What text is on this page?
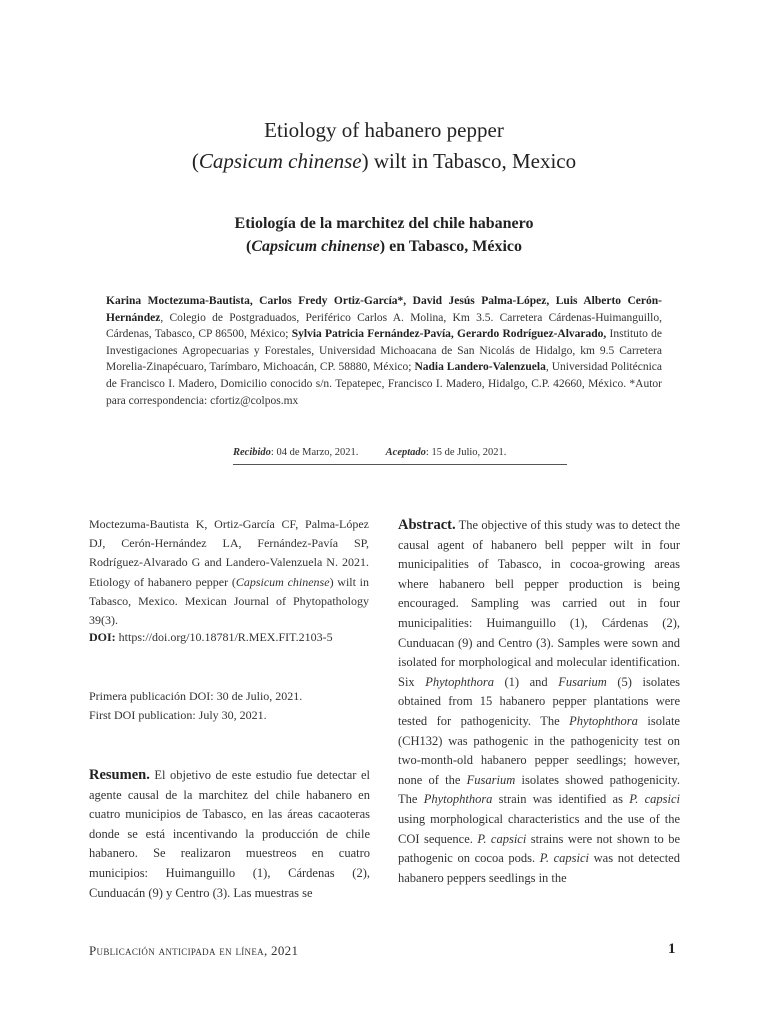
Etiology of habanero pepper
(Capsicum chinense) wilt in Tabasco, Mexico
Etiología de la marchitez del chile habanero
(Capsicum chinense) en Tabasco, México
Karina Moctezuma-Bautista, Carlos Fredy Ortiz-García*, David Jesús Palma-López, Luis Alberto Cerón-Hernández, Colegio de Postgraduados, Periférico Carlos A. Molina, Km 3.5. Carretera Cárdenas-Huimanguillo, Cárdenas, Tabasco, CP 86500, México; Sylvia Patricia Fernández-Pavía, Gerardo Rodríguez-Alvarado, Instituto de Investigaciones Agropecuarias y Forestales, Universidad Michoacana de San Nicolás de Hidalgo, km 9.5 Carretera Morelia-Zinapécuaro, Tarímbaro, Michoacán, CP. 58880, México; Nadia Landero-Valenzuela, Universidad Politécnica de Francisco I. Madero, Domicilio conocido s/n. Tepatepec, Francisco I. Madero, Hidalgo, C.P. 42660, México. *Autor para correspondencia: cfortiz@colpos.mx
Recibido: 04 de Marzo, 2021.	Aceptado: 15 de Julio, 2021.
Moctezuma-Bautista K, Ortiz-García CF, Palma-López DJ, Cerón-Hernández LA, Fernández-Pavía SP, Rodríguez-Alvarado G and Landero-Valenzuela N. 2021. Etiology of habanero pepper (Capsicum chinense) wilt in Tabasco, Mexico. Mexican Journal of Phytopathology 39(3).
DOI: https://doi.org/10.18781/R.MEX.FIT.2103-5
Primera publicación DOI: 30 de Julio, 2021.
First DOI publication: July 30, 2021.
Resumen. El objetivo de este estudio fue detectar el agente causal de la marchitez del chile habanero en cuatro municipios de Tabasco, en las áreas cacaoteras donde se está incentivando la producción de chile habanero. Se realizaron muestreos en cuatro municipios: Huimanguillo (1), Cárdenas (2), Cunduacán (9) y Centro (3). Las muestras se
Abstract. The objective of this study was to detect the causal agent of habanero bell pepper wilt in four municipalities of Tabasco, in cocoa-growing areas where habanero bell pepper production is being encouraged. Sampling was carried out in four municipalities: Huimanguillo (1), Cárdenas (2), Cunduacan (9) and Centro (3). Samples were sown and isolated for morphological and molecular identification. Six Phytophthora (1) and Fusarium (5) isolates obtained from 15 habanero pepper plantations were tested for pathogenicity. The Phytophthora isolate (CH132) was pathogenic in the pathogenicity test on two-month-old habanero pepper seedlings; however, none of the Fusarium isolates showed pathogenicity. The Phytophthora strain was identified as P. capsici using morphological characteristics and the use of the COI sequence. P. capsici strains were not shown to be pathogenic on cocoa pods. P. capsici was not detected habanero peppers seedlings in the
Publicación anticipada en línea, 2021	1
